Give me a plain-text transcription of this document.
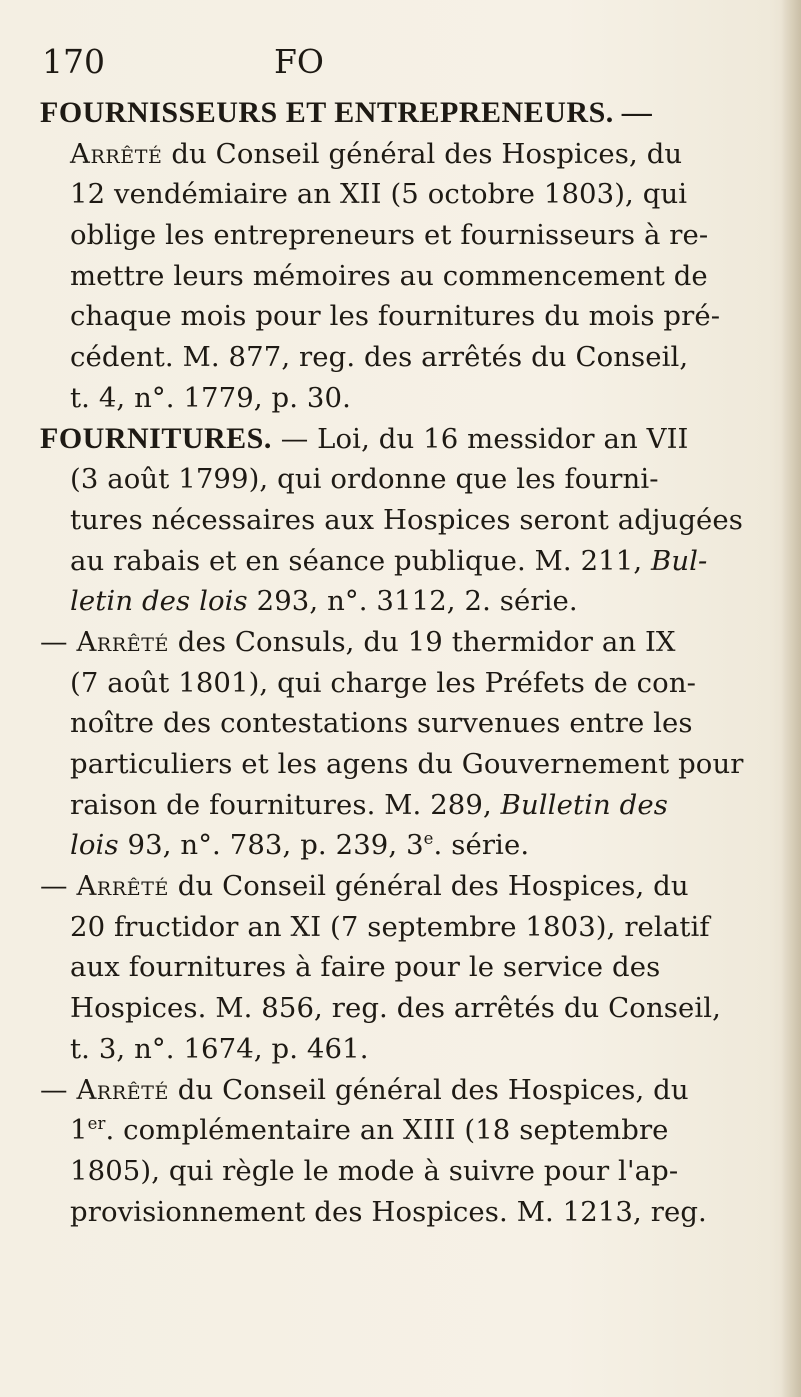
170	FO
FOURNISSEURS ET ENTREPRENEURS. —
Arrêté du Conseil général des Hospices, du
12 vendémiaire an XII (5 octobre 1803), qui
oblige les entrepreneurs et fournisseurs à re-
mettre leurs mémoires au commencement de
chaque mois pour les fournitures du mois pré-
cédent. M. 877, reg. des arrêtés du Conseil,
t. 4, n°. 1779, p. 30.
FOURNITURES. — Loi, du 16 messidor an VII
(3 août 1799), qui ordonne que les fourni-
tures nécessaires aux Hospices seront adjugées
au rabais et en séance publique. M. 211, Bul-
letin des lois 293, n°. 3112, 2. série.
— Arrêté des Consuls, du 19 thermidor an IX
(7 août 1801), qui charge les Préfets de con-
noître des contestations survenues entre les
particuliers et les agens du Gouvernement pour
raison de fournitures. M. 289, Bulletin des
lois 93, n°. 783, p. 239, 3e. série.
— Arrêté du Conseil général des Hospices, du
20 fructidor an XI (7 septembre 1803), relatif
aux fournitures à faire pour le service des
Hospices. M. 856, reg. des arrêtés du Conseil,
t. 3, n°. 1674, p. 461.
— Arrêté du Conseil général des Hospices, du
1er. complémentaire an XIII (18 septembre
1805), qui règle le mode à suivre pour l'ap-
provisionnement des Hospices. M. 1213, reg.
